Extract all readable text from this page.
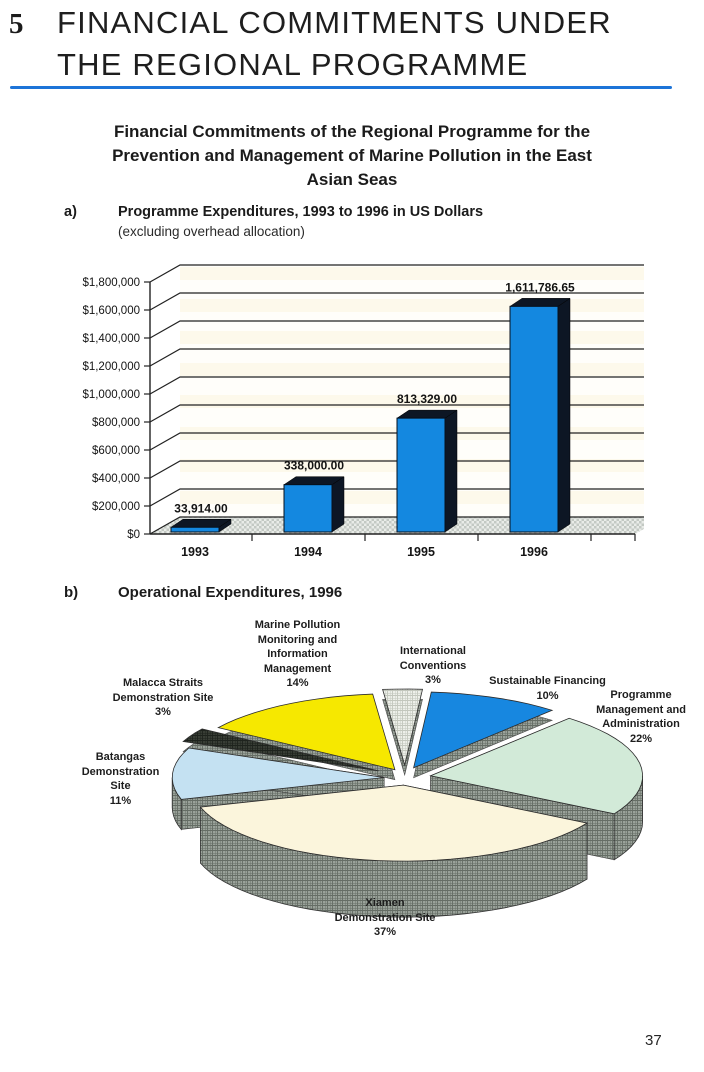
5 FINANCIAL COMMITMENTS UNDER
THE REGIONAL PROGRAMME
Financial Commitments of the Regional Programme for the
Prevention and Management of Marine Pollution in the East
Asian Seas
a)	Programme Expenditures, 1993 to 1996 in US Dollars
(excluding overhead allocation)
$0
$200,000
$400,000
$600,000
$800,000
$1,000,000
$1,200,000
$1,400,000
$1,600,000
$1,800,000
33,914.00
1993
338,000.00
1994
813,329.00
1995
1,611,786.65
1996
b)	Operational Expenditures, 1996
International
Conventions
3%	Sustainable Financing
10%	Programme
Management and
Administration
22%
Xiamen
Demonstration Site
37%
Batangas
Demonstration
Site
11%
Malacca Straits
Demonstration Site
3%
Marine Pollution
Monitoring and
Information
Management
14%
37
